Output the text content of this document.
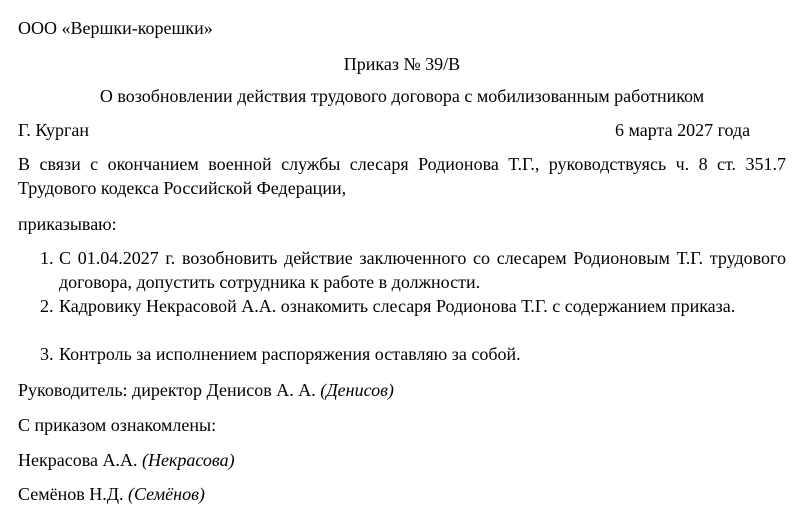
ООО «Вершки-корешки»
Приказ № 39/В
О возобновлении действия трудового договора с мобилизованным работником
Г. Курган	6 марта 2027 года
В связи с окончанием военной службы слесаря Родионова Т.Г., руководствуясь ч. 8 ст. 351.7 Трудового кодекса Российской Федерации,
приказываю:
1. С 01.04.2027 г. возобновить действие заключенного со слесарем Родионовым Т.Г. трудового договора, допустить сотрудника к работе в должности.
2. Кадровику Некрасовой А.А. ознакомить слесаря Родионова Т.Г. с содержанием приказа.
3. Контроль за исполнением распоряжения оставляю за собой.
Руководитель: директор Денисов А. А. (Денисов)
С приказом ознакомлены:
Некрасова А.А. (Некрасова)
Семёнов Н.Д. (Семёнов)
